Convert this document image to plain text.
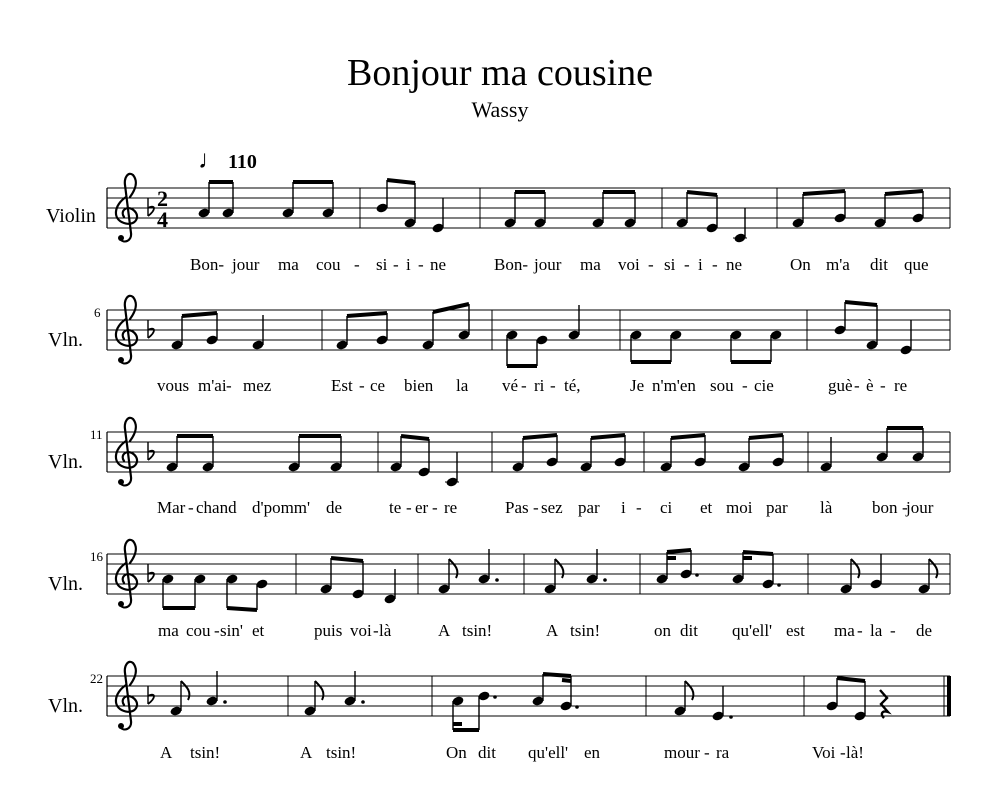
Bonjour ma cousine
Wassy
♩ 110
Violin
Vln.
Vln.
Vln.
Vln.
6
11
16
22
2
4
Bon- jour ma cou - si - i - ne	Bon- jour ma voi - si - i - ne	On m'a dit que
vous m'ai - mez	Est - ce bien la vé - ri - té,	Je n'm'en sou - cie	guè - è - re
Mar - chand d'pomm' de	te - er - re	Pas - sez par i - ci et moi par là bon -
jour
ma cou - sin' et	puis voi - là	A tsin!	A tsin!	on dit qu'ell' est ma - la - de
A tsin!	A tsin!	On dit qu'ell' en	mour - ra	Voi - là!
